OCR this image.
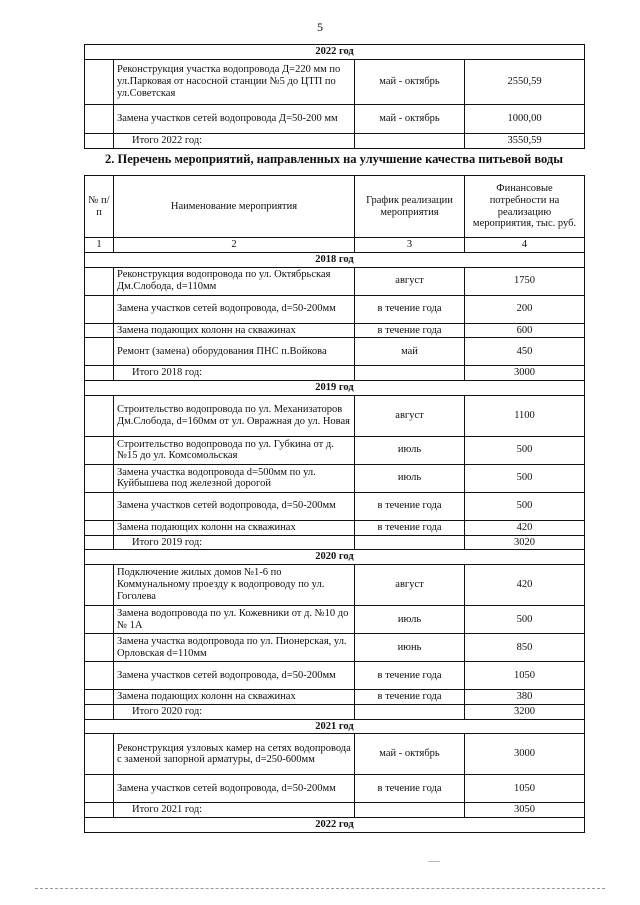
5
2022 год			
	Реконструкция участка водопровода Д=220 мм по ул.Парковая от насосной станции №5 до ЦТП по ул.Советская	май - октябрь	2550,59
	Замена участков сетей водопровода Д=50-200 мм	май - октябрь	1000,00
	Итого 2022 год:		3550,59
2. Перечень мероприятий, направленных на улучшение качества питьевой воды
№ п/п	Наименование мероприятия	График реализации мероприятия	Финансовые потребности на реализацию мероприятия, тыс. руб.
1	2	3	4
2018 год			
	Реконструкция водопровода по ул. Октябрьская Дм.Слобода, d=110мм	август	1750
	Замена участков сетей водопровода, d=50-200мм	в течение года	200
	Замена подающих колонн на скважинах	в течение года	600
	Ремонт (замена) оборудования ПНС п.Войкова	май	450
	Итого 2018 год:		3000
2019 год			
	Строительство водопровода по ул. Механизаторов Дм.Слобода, d=160мм от ул. Овражная до ул. Новая	август	1100
	Строительство водопровода по ул. Губкина от д. №15 до ул. Комсомольская	июль	500
	Замена участка водопровода d=500мм по ул. Куйбышева под железной дорогой	июль	500
	Замена участков сетей водопровода, d=50-200мм	в течение года	500
	Замена подающих колонн на скважинах	в течение года	420
	Итого 2019 год:		3020
2020 год			
	Подключение жилых домов №1-6 по Коммунальному проезду к водопроводу по ул. Гоголева	август	420
	Замена водопровода по ул. Кожевники от д. №10 до № 1А	июль	500
	Замена участка водопровода по ул. Пионерская, ул. Орловская d=110мм	июнь	850
	Замена участков сетей водопровода, d=50-200мм	в течение года	1050
	Замена подающих колонн на скважинах	в течение года	380
	Итого 2020 год:		3200
2021 год			
	Реконструкция узловых камер на сетях водопровода с заменой запорной арматуры, d=250-600мм	май - октябрь	3000
	Замена участков сетей водопровода, d=50-200мм	в течение года	1050
	Итого 2021 год:		3050
2022 год			
